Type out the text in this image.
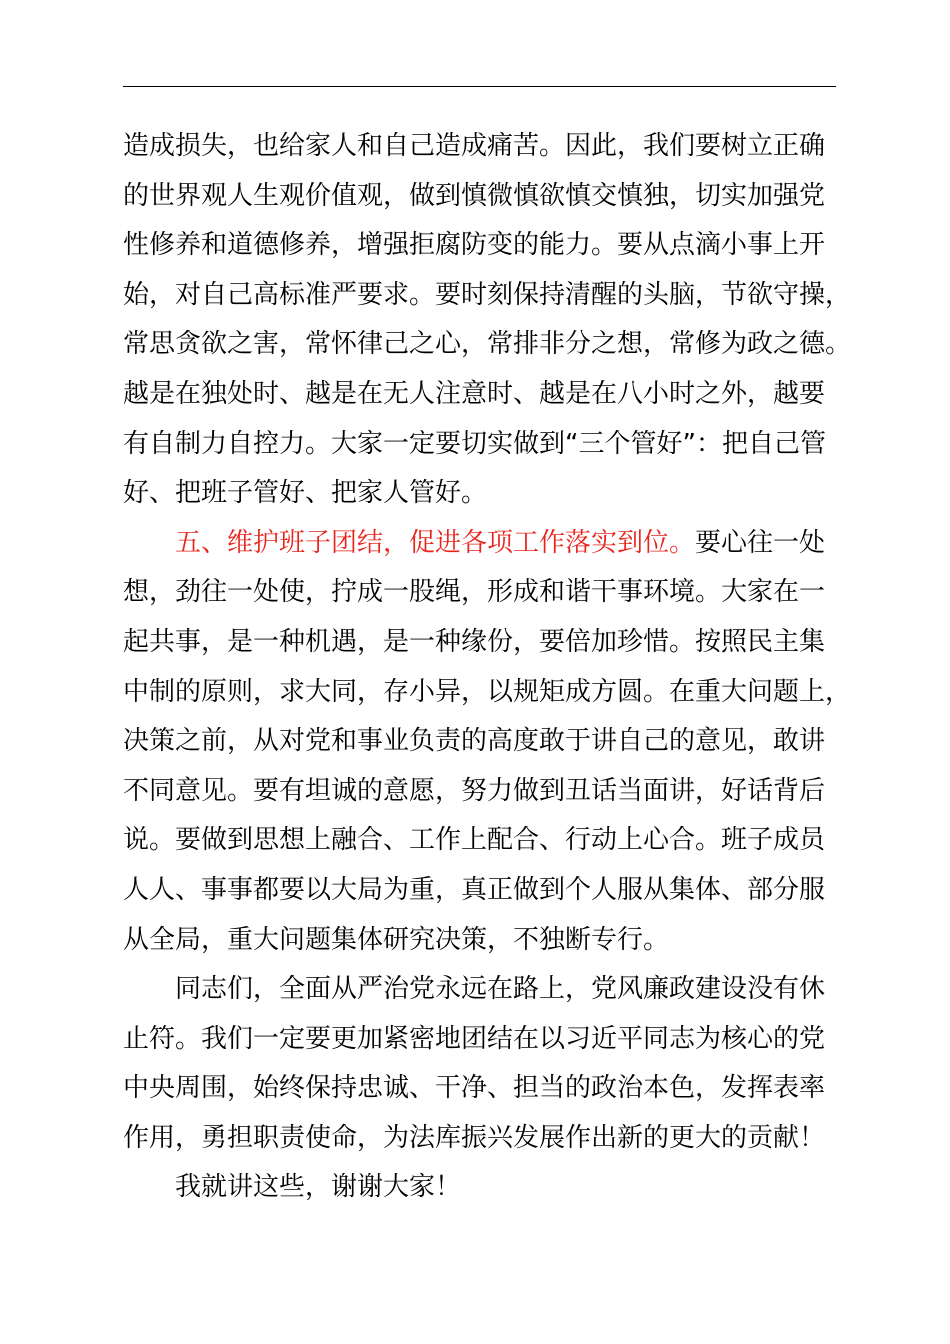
造成损失，也给家人和自己造成痛苦。因此，我们要树立正确
的世界观人生观价值观，做到慎微慎欲慎交慎独，切实加强党
性修养和道德修养，增强拒腐防变的能力。要从点滴小事上开
始，对自己高标准严要求。要时刻保持清醒的头脑，节欲守操，
常思贪欲之害，常怀律己之心，常排非分之想，常修为政之德。
越是在独处时、越是在无人注意时、越是在八小时之外，越要
有自制力自控力。大家一定要切实做到“三个管好”：把自己管
好、把班子管好、把家人管好。
五、维护班子团结，促进各项工作落实到位。要心往一处
想，劲往一处使，拧成一股绳，形成和谐干事环境。大家在一
起共事，是一种机遇，是一种缘份，要倍加珍惜。按照民主集
中制的原则，求大同，存小异，以规矩成方圆。在重大问题上，
决策之前，从对党和事业负责的高度敢于讲自己的意见，敢讲
不同意见。要有坦诚的意愿，努力做到丑话当面讲，好话背后
说。要做到思想上融合、工作上配合、行动上心合。班子成员
人人、事事都要以大局为重，真正做到个人服从集体、部分服
从全局，重大问题集体研究决策，不独断专行。
同志们，全面从严治党永远在路上，党风廉政建设没有休
止符。我们一定要更加紧密地团结在以习近平同志为核心的党
中央周围，始终保持忠诚、干净、担当的政治本色，发挥表率
作用，勇担职责使命，为法库振兴发展作出新的更大的贡献！
我就讲这些，谢谢大家！
